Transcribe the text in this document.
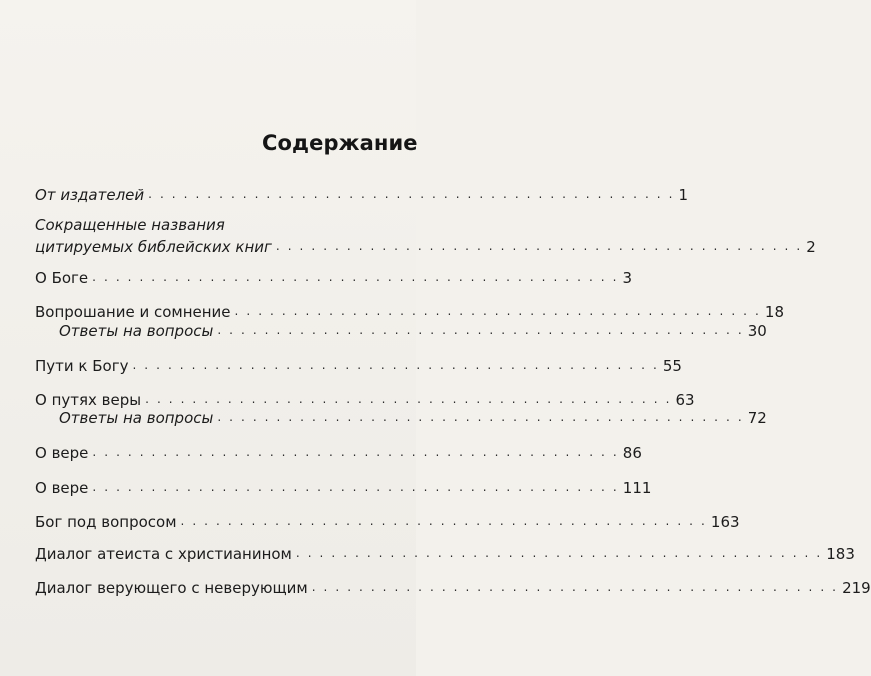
Содержание
От издателей . . . . . . . . . . . . . . . . . . . . . . . . . . . . . . . . . . . . . . . . . . . . . 1
Сокращенные названия
цитируемых библейских книг . . . . . . . . . . . . . . . . . . . . . . . . . . . . . . . . . . . . . . . . . . . . . 2
О Боге . . . . . . . . . . . . . . . . . . . . . . . . . . . . . . . . . . . . . . . . . . . . . 3
Вопрошание и сомнение . . . . . . . . . . . . . . . . . . . . . . . . . . . . . . . . . . . . . . . . . . . . . 18
Ответы на вопросы . . . . . . . . . . . . . . . . . . . . . . . . . . . . . . . . . . . . . . . . . . . . . 30
Пути к Богу . . . . . . . . . . . . . . . . . . . . . . . . . . . . . . . . . . . . . . . . . . . . . 55
О путях веры . . . . . . . . . . . . . . . . . . . . . . . . . . . . . . . . . . . . . . . . . . . . . 63
Ответы на вопросы . . . . . . . . . . . . . . . . . . . . . . . . . . . . . . . . . . . . . . . . . . . . . 72
О вере . . . . . . . . . . . . . . . . . . . . . . . . . . . . . . . . . . . . . . . . . . . . . 86
О вере . . . . . . . . . . . . . . . . . . . . . . . . . . . . . . . . . . . . . . . . . . . . . 111
Бог под вопросом . . . . . . . . . . . . . . . . . . . . . . . . . . . . . . . . . . . . . . . . . . . . . 163
Диалог атеиста с христианином . . . . . . . . . . . . . . . . . . . . . . . . . . . . . . . . . . . . . . . . . . . . . 183
Диалог верующего с неверующим . . . . . . . . . . . . . . . . . . . . . . . . . . . . . . . . . . . . . . . . . . . . . 219
